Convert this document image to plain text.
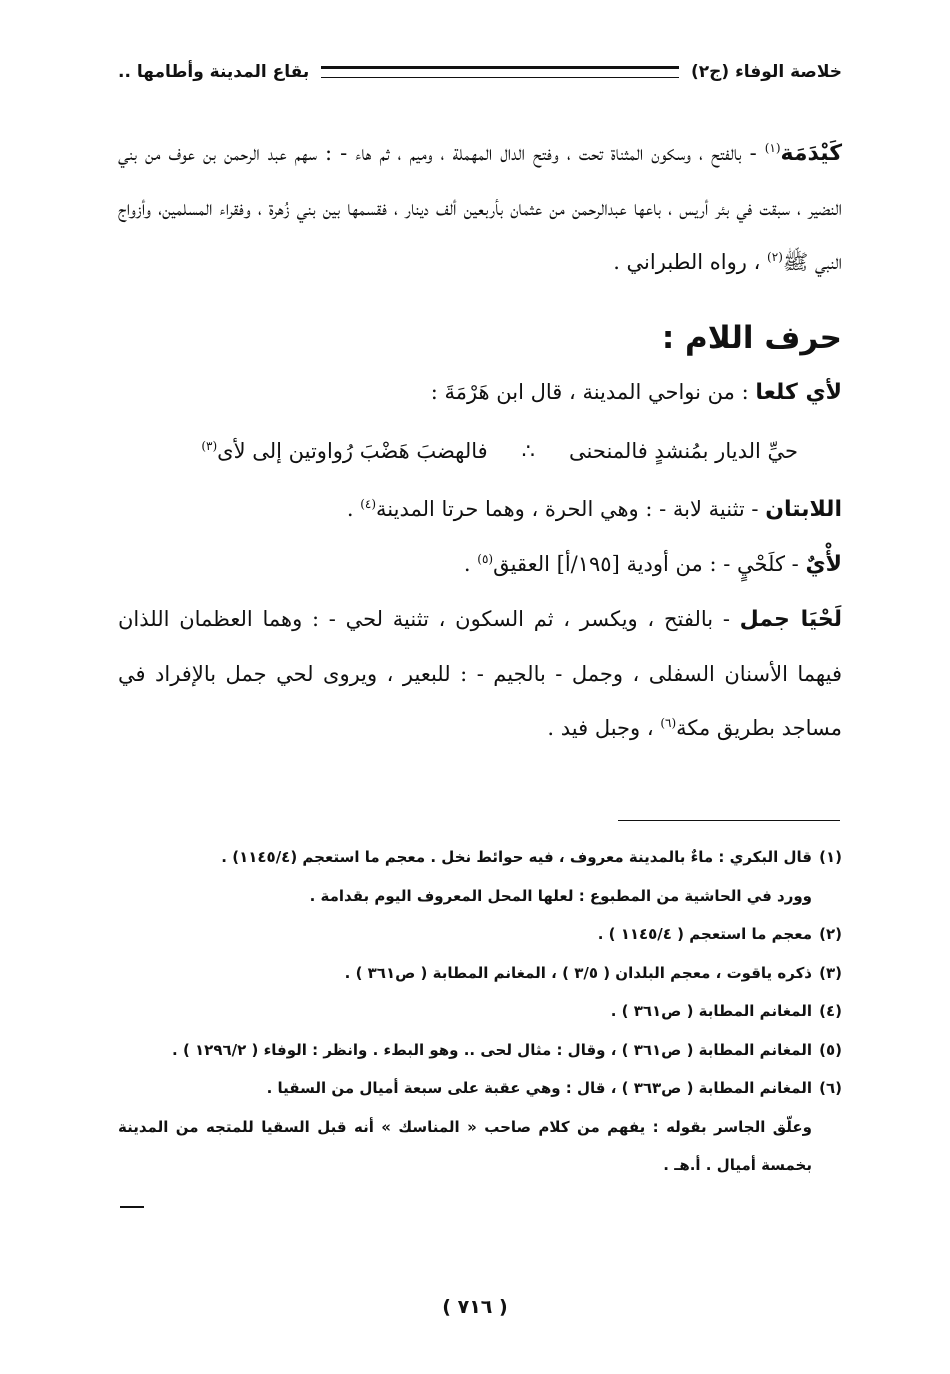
خلاصة الوفاء (ج٢)
بقاع المدينة وأطامها ..
كَيْدَمَة$^{(١)}$ - بالفتح ، وسكون المثناة تحت ، وفتح الدال المهملة ، وميم ، ثم هاء - : سهم عبد الرحمن بن عوف من بني النضير ، سبقت في بئر أريس ، باعها عبدالرحمن من عثمان بأربعين ألف دينار ، فقسمها بين بني زُهرة ، وفقراء المسلمين، وأزواج النبي ﷺ$^{(٢)}$ ، رواه الطبراني .
حرف اللام :
لأي كلعا : من نواحي المدينة ، قال ابن هَرْمَةَ :
حيِّ الديار بمُنشدٍ فالمنحنى
∴
فالهضبَ هَضْبَ رُواوتين إلى لأى$^{(٣)}$
اللابتان - تثنية لابة - : وهي الحرة ، وهما حرتا المدينة$^{(٤)}$ .
لأْيٌ - كلَحْيٍ - : من أودية [١٩٥/أ] العقيق$^{(٥)}$ .
لَحْيَا جمل - بالفتح ، ويكسر ، ثم السكون ، تثنية لحي - : وهما العظمان اللذان فيهما الأسنان السفلى ، وجمل - بالجيم - : للبعير ، ويروى لحي جمل بالإفراد في مساجد بطريق مكة$^{(٦)}$ ، وجبل فيد .
(١)قال البكري : ماءٌ بالمدينة معروف ، فيه حوائط نخل . معجم ما استعجم (١١٤٥/٤) .
وورد في الحاشية من المطبوع : لعلها المحل المعروف اليوم بقدامة .
(٢)معجم ما استعجم ( ١١٤٥/٤ ) .
(٣)ذكره ياقوت ، معجم البلدان ( ٣/٥ ) ، المغانم المطابة ( ص٣٦١ ) .
(٤)المغانم المطابة ( ص٣٦١ ) .
(٥)المغانم المطابة ( ص٣٦١ ) ، وقال : مثال لحى .. وهو البطء . وانظر : الوفاء ( ١٢٩٦/٢ ) .
(٦)المغانم المطابة ( ص٣٦٣ ) ، قال : وهي عقبة على سبعة أميال من السقيا .
وعلّق الجاسر بقوله : يفهم من كلام صاحب « المناسك » أنه قبل السقيا للمتجه من المدينة بخمسة أميال . أ.هـ .
( ٧١٦ )
